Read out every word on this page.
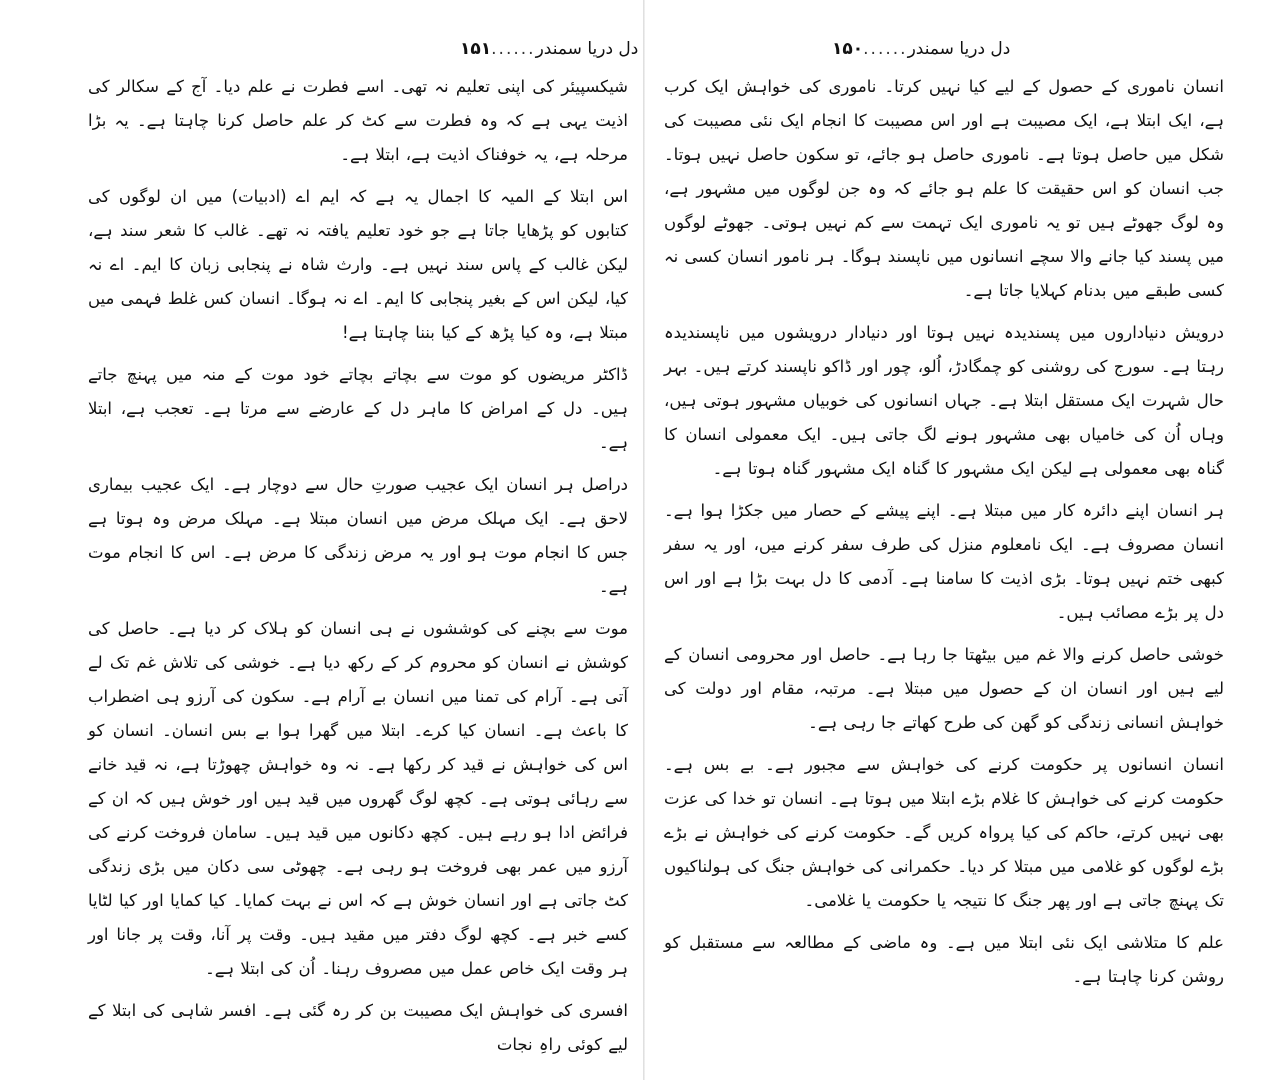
دل دریا سمندر
......
۱۵۱

شیکسپیئر کی اپنی تعلیم نہ تھی۔ اسے فطرت نے علم دیا۔ آج کے سکالر کی اذیت یہی ہے کہ وہ فطرت سے کٹ کر علم حاصل کرنا چاہتا ہے۔ یہ بڑا مرحلہ ہے، یہ خوفناک اذیت ہے، ابتلا ہے۔

اس ابتلا کے المیہ کا اجمال یہ ہے کہ ایم اے (ادبیات) میں ان لوگوں کی کتابوں کو پڑھایا جاتا ہے جو خود تعلیم یافتہ نہ تھے۔ غالب کا شعر سند ہے، لیکن غالب کے پاس سند نہیں ہے۔ وارث شاہ نے پنجابی زبان کا ایم۔ اے نہ کیا، لیکن اس کے بغیر پنجابی کا ایم۔ اے نہ ہوگا۔ انسان کس غلط فہمی میں مبتلا ہے، وہ کیا پڑھ کے کیا بننا چاہتا ہے!

ڈاکٹر مریضوں کو موت سے بچاتے بچاتے خود موت کے منہ میں پہنچ جاتے ہیں۔ دل کے امراض کا ماہر دل کے عارضے سے مرتا ہے۔ تعجب ہے، ابتلا ہے۔

دراصل ہر انسان ایک عجیب صورتِ حال سے دوچار ہے۔ ایک عجیب بیماری لاحق ہے۔ ایک مہلک مرض میں انسان مبتلا ہے۔ مہلک مرض وہ ہوتا ہے جس کا انجام موت ہو اور یہ مرض زندگی کا مرض ہے۔ اس کا انجام موت ہے۔

موت سے بچنے کی کوششوں نے ہی انسان کو ہلاک کر دیا ہے۔ حاصل کی کوشش نے انسان کو محروم کر کے رکھ دیا ہے۔ خوشی کی تلاش غم تک لے آتی ہے۔ آرام کی تمنا میں انسان بے آرام ہے۔ سکون کی آرزو ہی اضطراب کا باعث ہے۔ انسان کیا کرے۔ ابتلا میں گھرا ہوا بے بس انسان۔ انسان کو اس کی خواہش نے قید کر رکھا ہے۔ نہ وہ خواہش چھوڑتا ہے، نہ قید خانے سے رہائی ہوتی ہے۔ کچھ لوگ گھروں میں قید ہیں اور خوش ہیں کہ ان کے فرائض ادا ہو رہے ہیں۔ کچھ دکانوں میں قید ہیں۔ سامان فروخت کرنے کی آرزو میں عمر بھی فروخت ہو رہی ہے۔ چھوٹی سی دکان میں بڑی زندگی کٹ جاتی ہے اور انسان خوش ہے کہ اس نے بہت کمایا۔ کیا کمایا اور کیا لٹایا کسے خبر ہے۔ کچھ لوگ دفتر میں مقید ہیں۔ وقت پر آنا، وقت پر جانا اور ہر وقت ایک خاص عمل میں مصروف رہنا۔ اُن کی ابتلا ہے۔

افسری کی خواہش ایک مصیبت بن کر رہ گئی ہے۔ افسر شاہی کی ابتلا کے لیے کوئی راہِ نجات

دل دریا سمندر
......
۱۵۰

انسان ناموری کے حصول کے لیے کیا نہیں کرتا۔ ناموری کی خواہش ایک کرب ہے، ایک ابتلا ہے، ایک مصیبت ہے اور اس مصیبت کا انجام ایک نئی مصیبت کی شکل میں حاصل ہوتا ہے۔ ناموری حاصل ہو جائے، تو سکون حاصل نہیں ہوتا۔ جب انسان کو اس حقیقت کا علم ہو جائے کہ وہ جن لوگوں میں مشہور ہے، وہ لوگ جھوٹے ہیں تو یہ ناموری ایک تہمت سے کم نہیں ہوتی۔ جھوٹے لوگوں میں پسند کیا جانے والا سچے انسانوں میں ناپسند ہوگا۔ ہر نامور انسان کسی نہ کسی طبقے میں بدنام کہلایا جاتا ہے۔

درویش دنیاداروں میں پسندیدہ نہیں ہوتا اور دنیادار درویشوں میں ناپسندیدہ رہتا ہے۔ سورج کی روشنی کو چمگادڑ، اُلو، چور اور ڈاکو ناپسند کرتے ہیں۔ بہر حال شہرت ایک مستقل ابتلا ہے۔ جہاں انسانوں کی خوبیاں مشہور ہوتی ہیں، وہاں اُن کی خامیاں بھی مشہور ہونے لگ جاتی ہیں۔ ایک معمولی انسان کا گناہ بھی معمولی ہے لیکن ایک مشہور کا گناہ ایک مشہور گناہ ہوتا ہے۔

ہر انسان اپنے دائرہ کار میں مبتلا ہے۔ اپنے پیشے کے حصار میں جکڑا ہوا ہے۔ انسان مصروف ہے۔ ایک نامعلوم منزل کی طرف سفر کرنے میں، اور یہ سفر کبھی ختم نہیں ہوتا۔ بڑی اذیت کا سامنا ہے۔ آدمی کا دل بہت بڑا ہے اور اس دل پر بڑے مصائب ہیں۔

خوشی حاصل کرنے والا غم میں بیٹھتا جا رہا ہے۔ حاصل اور محرومی انسان کے لیے ہیں اور انسان ان کے حصول میں مبتلا ہے۔ مرتبہ، مقام اور دولت کی خواہش انسانی زندگی کو گھن کی طرح کھاتے جا رہی ہے۔

انسان انسانوں پر حکومت کرنے کی خواہش سے مجبور ہے۔ بے بس ہے۔ حکومت کرنے کی خواہش کا غلام بڑے ابتلا میں ہوتا ہے۔ انسان تو خدا کی عزت بھی نہیں کرتے، حاکم کی کیا پرواہ کریں گے۔ حکومت کرنے کی خواہش نے بڑے بڑے لوگوں کو غلامی میں مبتلا کر دیا۔ حکمرانی کی خواہش جنگ کی ہولناکیوں تک پہنچ جاتی ہے اور پھر جنگ کا نتیجہ یا حکومت یا غلامی۔

علم کا متلاشی ایک نئی ابتلا میں ہے۔ وہ ماضی کے مطالعہ سے مستقبل کو روشن کرنا چاہتا ہے۔
